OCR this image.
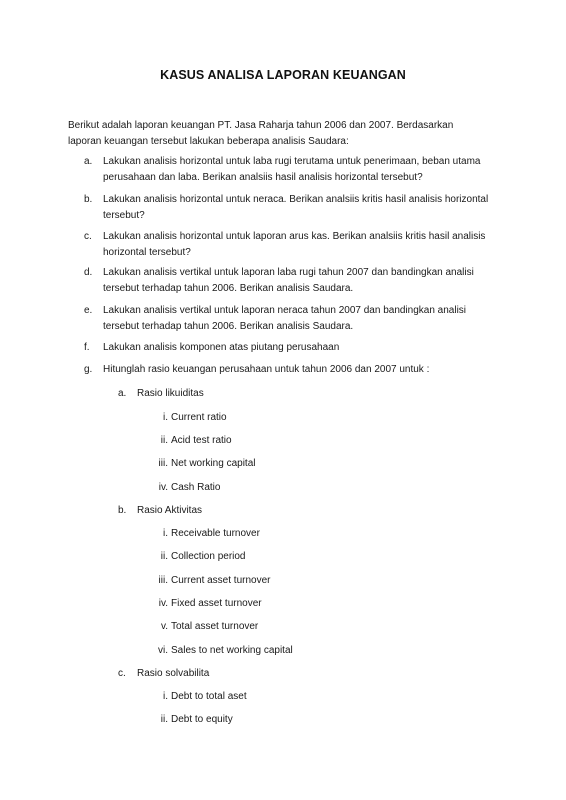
KASUS ANALISA LAPORAN KEUANGAN
Berikut adalah laporan keuangan PT. Jasa Raharja tahun 2006 dan 2007. Berdasarkan laporan keuangan tersebut lakukan beberapa analisis Saudara:
a.	Lakukan analisis horizontal untuk laba rugi terutama untuk penerimaan, beban utama perusahaan dan laba. Berikan analsiis hasil analisis horizontal tersebut?
b.	Lakukan analisis horizontal untuk neraca. Berikan analsiis kritis hasil analisis horizontal tersebut?
c.	Lakukan analisis horizontal untuk laporan arus kas. Berikan analsiis kritis hasil analisis horizontal tersebut?
d.	Lakukan analisis vertikal untuk laporan laba rugi tahun 2007 dan bandingkan analisi tersebut terhadap tahun 2006. Berikan analisis Saudara.
e.	Lakukan analisis vertikal untuk laporan neraca tahun 2007 dan bandingkan analisi tersebut terhadap tahun 2006. Berikan analisis Saudara.
f.	Lakukan analisis komponen atas piutang perusahaan
g.	Hitunglah rasio keuangan perusahaan untuk tahun 2006 dan 2007 untuk :
a. Rasio likuiditas
i. Current ratio
ii. Acid test ratio
iii. Net working capital
iv. Cash Ratio
b. Rasio Aktivitas
i. Receivable turnover
ii. Collection period
iii. Current asset turnover
iv. Fixed asset turnover
v. Total asset turnover
vi. Sales to net working capital
c. Rasio solvabilita
i. Debt to total aset
ii. Debt to equity
